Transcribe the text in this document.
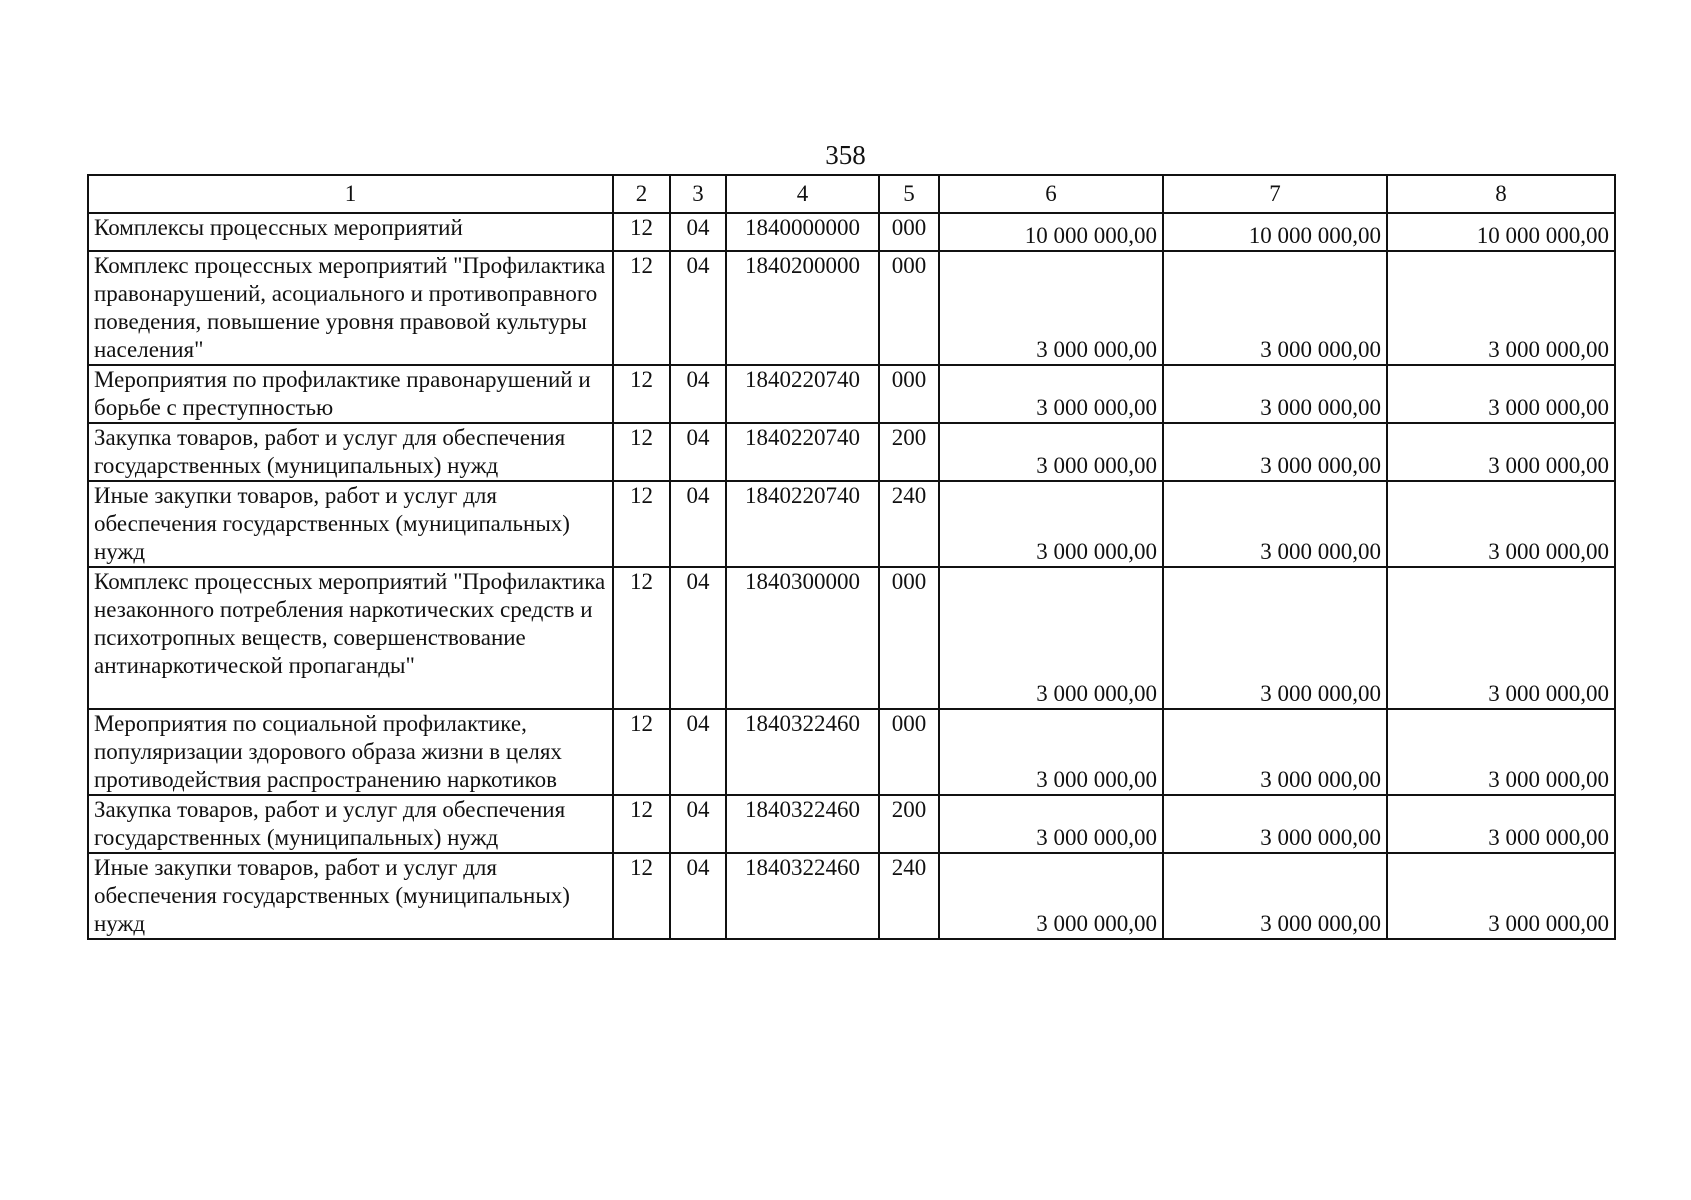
358
1	2	3	4	5	6	7	8
Комплексы процессных мероприятий	12	04	1840000000	000	10 000 000,00	10 000 000,00	10 000 000,00
Комплекс процессных мероприятий "Профилактика правонарушений, асоциального и противоправного поведения, повышение уровня правовой культуры населения"	12	04	1840200000	000	3 000 000,00	3 000 000,00	3 000 000,00
Мероприятия по профилактике правонарушений и борьбе с преступностью	12	04	1840220740	000	3 000 000,00	3 000 000,00	3 000 000,00
Закупка товаров, работ и услуг для обеспечения государственных (муниципальных) нужд	12	04	1840220740	200	3 000 000,00	3 000 000,00	3 000 000,00
Иные закупки товаров, работ и услуг для обеспечения государственных (муниципальных) нужд	12	04	1840220740	240	3 000 000,00	3 000 000,00	3 000 000,00
Комплекс процессных мероприятий "Профилактика незаконного потребления наркотических средств и психотропных веществ, совершенствование антинаркотической пропаганды"	12	04	1840300000	000	3 000 000,00	3 000 000,00	3 000 000,00
Мероприятия по социальной профилактике, популяризации здорового образа жизни в целях противодействия распространению наркотиков	12	04	1840322460	000	3 000 000,00	3 000 000,00	3 000 000,00
Закупка товаров, работ и услуг для обеспечения государственных (муниципальных) нужд	12	04	1840322460	200	3 000 000,00	3 000 000,00	3 000 000,00
Иные закупки товаров, работ и услуг для обеспечения государственных (муниципальных) нужд	12	04	1840322460	240	3 000 000,00	3 000 000,00	3 000 000,00
